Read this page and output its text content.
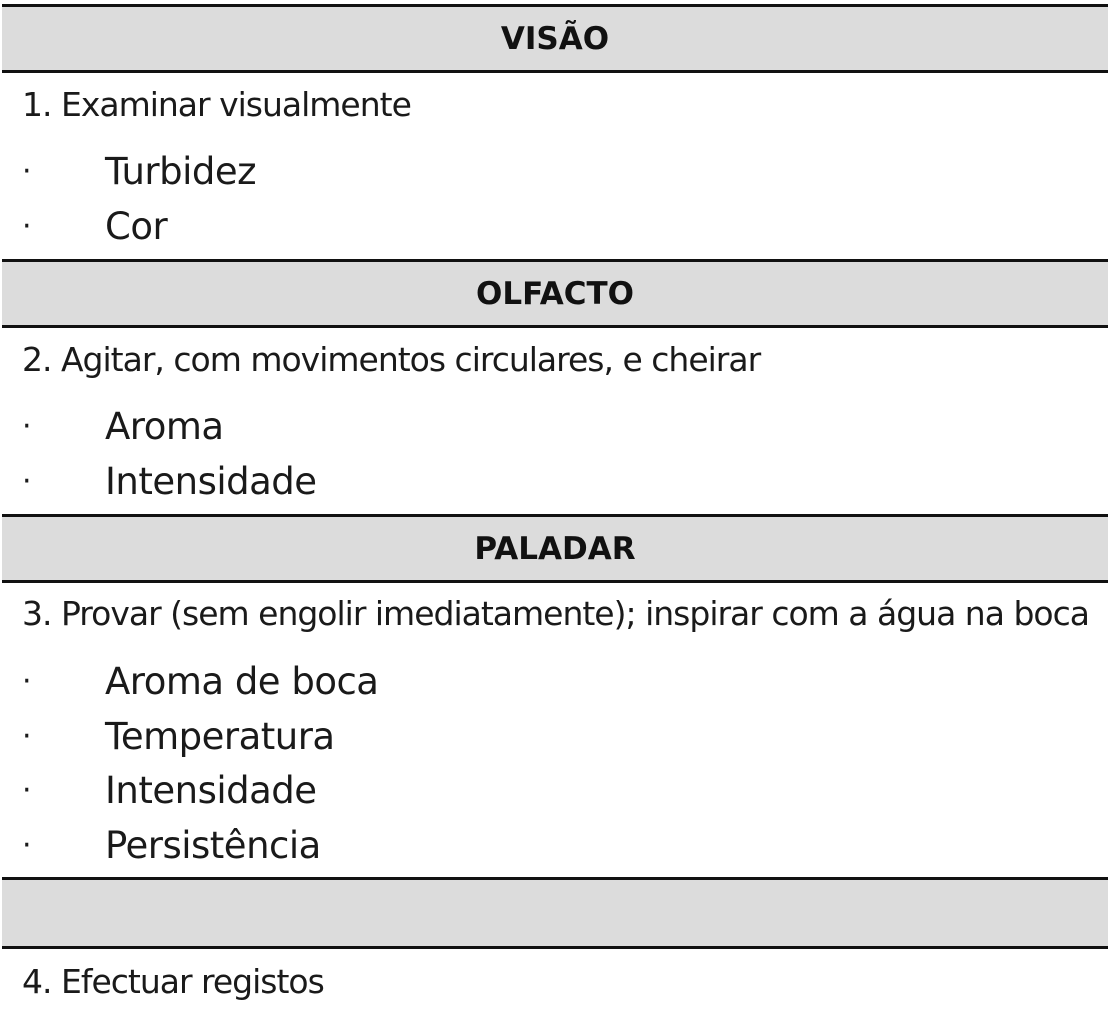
VISÃO
1. Examinar visualmente
· Turbidez
· Cor
OLFACTO
2. Agitar, com movimentos circulares, e cheirar
· Aroma
· Intensidade
PALADAR
3. Provar (sem engolir imediatamente); inspirar com a água na boca
· Aroma de boca
· Temperatura
· Intensidade
· Persistência
4. Efectuar registos
